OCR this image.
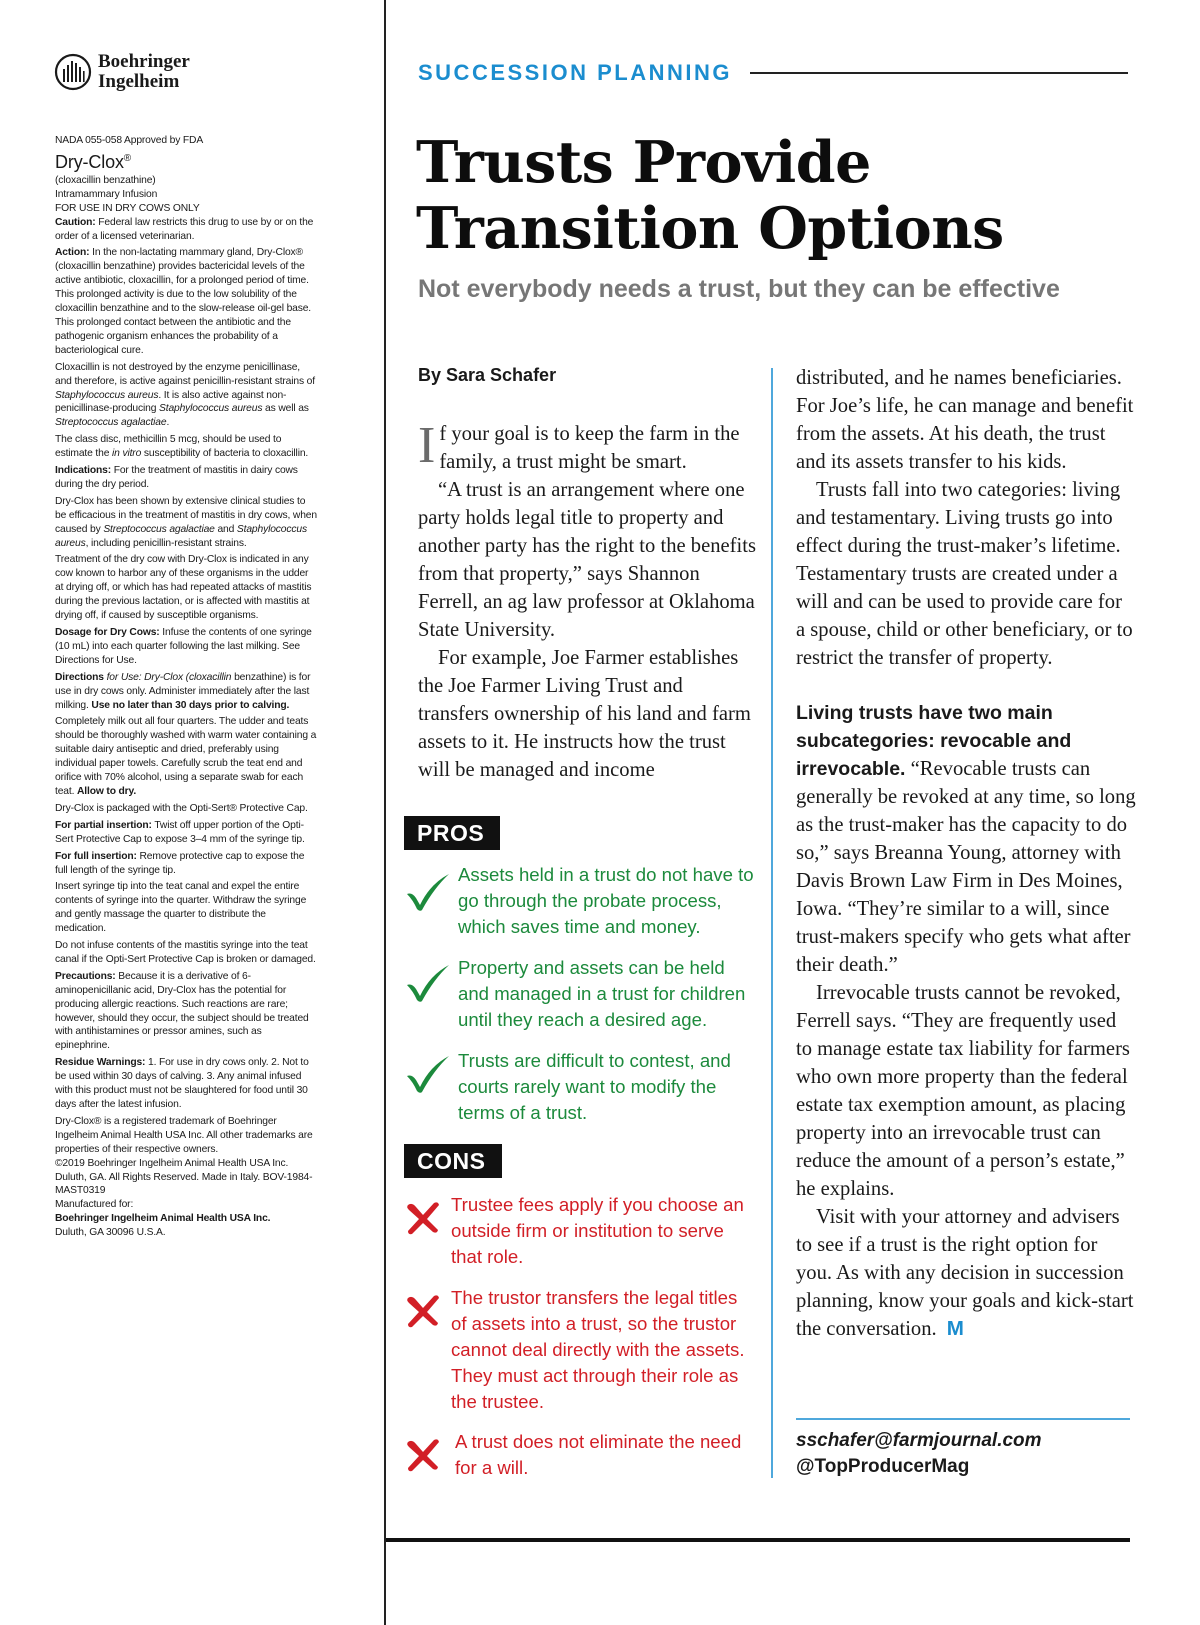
Boehringer
Ingelheim

NADA 055-058 Approved by FDA

Dry-Clox®

(cloxacillin benzathine)

Intramammary Infusion

FOR USE IN DRY COWS ONLY

Caution: Federal law restricts this drug to use by or on the order of a licensed veterinarian.

Action: In the non-lactating mammary gland, Dry-Clox® (cloxacillin benzathine) provides bactericidal levels of the active antibiotic, cloxacillin, for a prolonged period of time. This prolonged activity is due to the low solubility of the cloxacillin benzathine and to the slow-release oil-gel base. This prolonged contact between the antibiotic and the pathogenic organism enhances the probability of a bacteriological cure.

Cloxacillin is not destroyed by the enzyme penicillinase, and therefore, is active against penicillin-resistant strains of Staphylococcus aureus. It is also active against non-penicillinase-producing Staphylococcus aureus as well as Streptococcus agalactiae.

The class disc, methicillin 5 mcg, should be used to estimate the in vitro susceptibility of bacteria to cloxacillin.

Indications: For the treatment of mastitis in dairy cows during the dry period.

Dry-Clox has been shown by extensive clinical studies to be efficacious in the treatment of mastitis in dry cows, when caused by Streptococcus agalactiae and Staphylococcus aureus, including penicillin-resistant strains.

Treatment of the dry cow with Dry-Clox is indicated in any cow known to harbor any of these organisms in the udder at drying off, or which has had repeated attacks of mastitis during the previous lactation, or is affected with mastitis at drying off, if caused by susceptible organisms.

Dosage for Dry Cows: Infuse the contents of one syringe (10 mL) into each quarter following the last milking. See Directions for Use.

Directions for Use: Dry-Clox (cloxacillin benzathine) is for use in dry cows only. Administer immediately after the last milking. Use no later than 30 days prior to calving.

Completely milk out all four quarters. The udder and teats should be thoroughly washed with warm water containing a suitable dairy antiseptic and dried, preferably using individual paper towels. Carefully scrub the teat end and orifice with 70% alcohol, using a separate swab for each teat. Allow to dry.

Dry-Clox is packaged with the Opti-Sert® Protective Cap.

For partial insertion: Twist off upper portion of the Opti-Sert Protective Cap to expose 3–4 mm of the syringe tip.

For full insertion: Remove protective cap to expose the full length of the syringe tip.

Insert syringe tip into the teat canal and expel the entire contents of syringe into the quarter. Withdraw the syringe and gently massage the quarter to distribute the medication.

Do not infuse contents of the mastitis syringe into the teat canal if the Opti-Sert Protective Cap is broken or damaged.

Precautions: Because it is a derivative of 6-aminopenicillanic acid, Dry-Clox has the potential for producing allergic reactions. Such reactions are rare; however, should they occur, the subject should be treated with antihistamines or pressor amines, such as epinephrine.

Residue Warnings: 1. For use in dry cows only. 2. Not to be used within 30 days of calving. 3. Any animal infused with this product must not be slaughtered for food until 30 days after the latest infusion.

Dry-Clox® is a registered trademark of Boehringer Ingelheim Animal Health USA Inc. All other trademarks are properties of their respective owners.

©2019 Boehringer Ingelheim Animal Health USA Inc. Duluth, GA. All Rights Reserved. Made in Italy. BOV-1984-MAST0319

Manufactured for:

Boehringer Ingelheim Animal Health USA Inc.

Duluth, GA 30096 U.S.A.

SUCCESSION PLANNING
Trusts Provide
Transition Options
Not everybody needs a trust, but they can be effective
By Sara Schafer

If your goal is to keep the farm in the family, a trust might be smart.

“A trust is an arrangement where one party holds legal title to property and another party has the right to the benefits from that property,” says Shannon Ferrell, an ag law professor at Oklahoma State University.

For example, Joe Farmer establishes the Joe Farmer Living Trust and transfers ownership of his land and farm assets to it. He instructs how the trust will be managed and income

PROS
Assets held in a trust do not have to go through the probate process, which saves time and money.
Property and assets can be held and managed in a trust for children until they reach a desired age.
Trusts are difficult to contest, and courts rarely want to modify the terms of a trust.
CONS
Trustee fees apply if you choose an outside firm or institution to serve that role.
The trustor transfers the legal titles of assets into a trust, so the trustor cannot deal directly with the assets. They must act through their role as the trustee.
A trust does not eliminate the need for a will.

distributed, and he names beneficiaries. For Joe’s life, he can manage and benefit from the assets. At his death, the trust and its assets transfer to his kids.

Trusts fall into two categories: living and testamentary. Living trusts go into effect during the trust-maker’s lifetime. Testamentary trusts are created under a will and can be used to provide care for a spouse, child or other beneficiary, or to restrict the transfer of property.

Living trusts have two main subcategories: revocable and irrevocable. “Revocable trusts can generally be revoked at any time, so long as the trust-maker has the capacity to do so,” says Breanna Young, attorney with Davis Brown Law Firm in Des Moines, Iowa. “They’re similar to a will, since trust-makers specify who gets what after their death.”

Irrevocable trusts cannot be revoked, Ferrell says. “They are frequently used to manage estate tax liability for farmers who own more property than the federal estate tax exemption amount, as placing property into an irrevocable trust can reduce the amount of a person’s estate,” he explains.

Visit with your attorney and advisers to see if a trust is the right option for you. As with any decision in succession planning, know your goals and kick-start the conversation. M

sschafer@farmjournal.com
@TopProducerMag
